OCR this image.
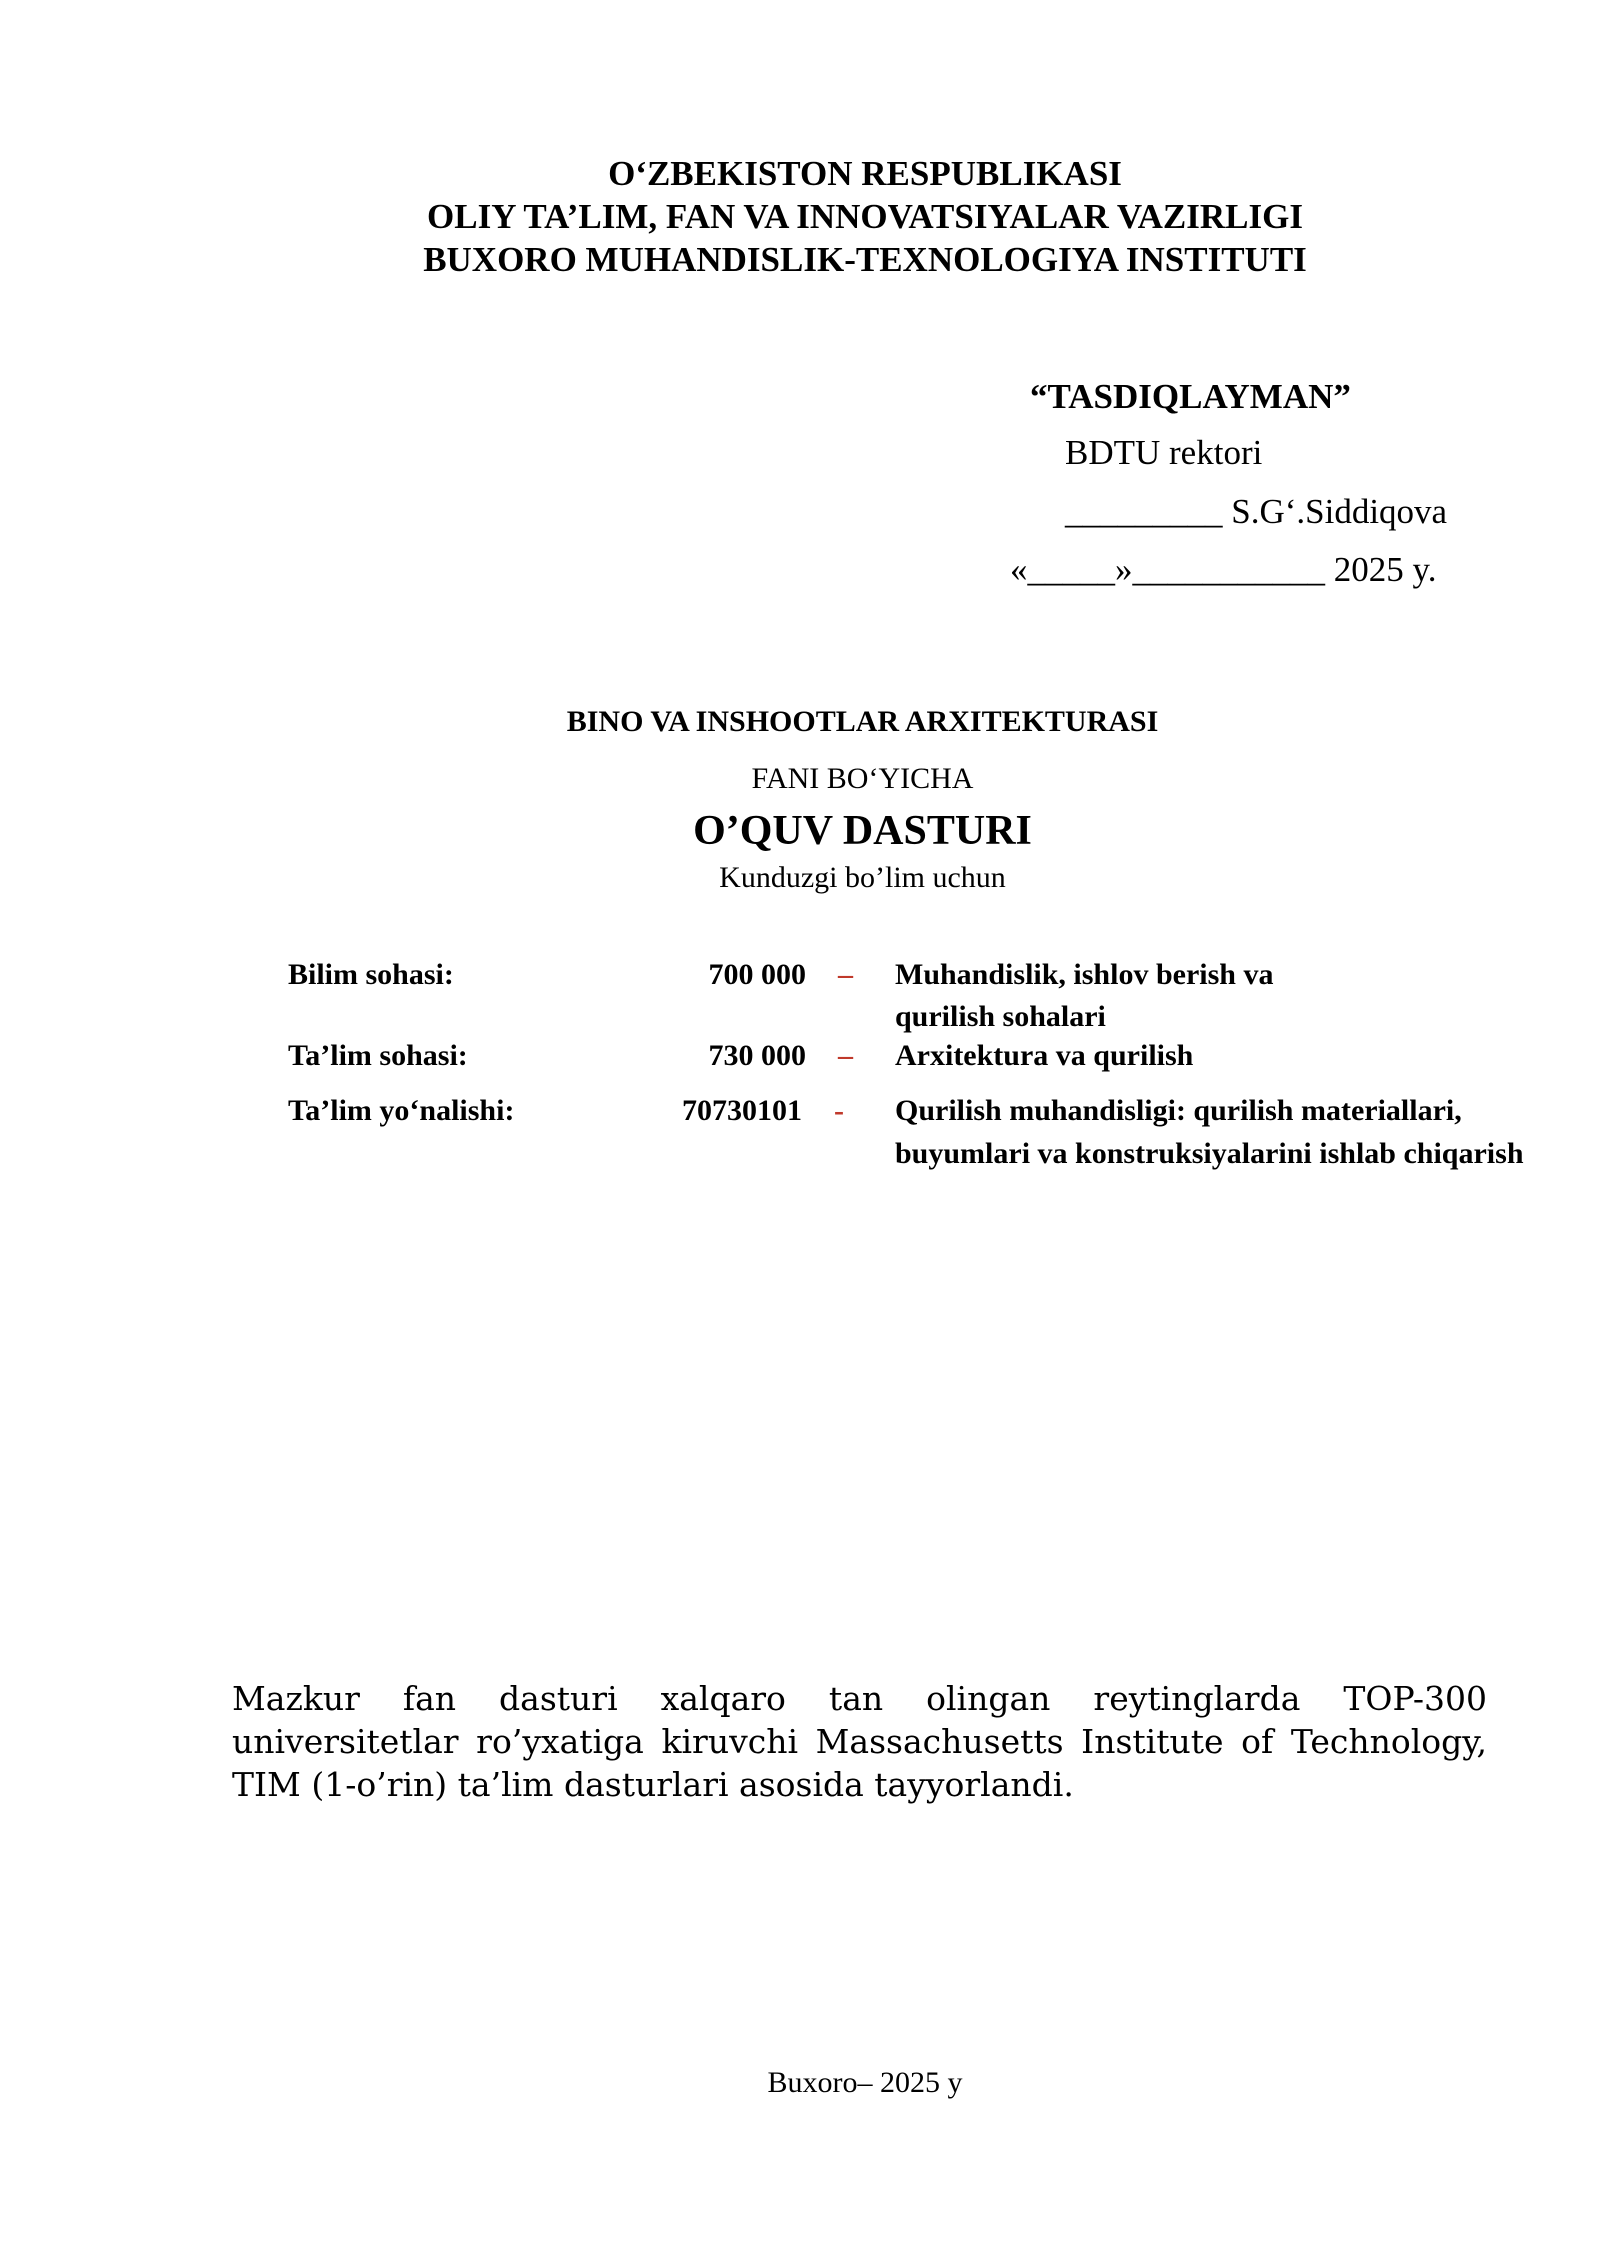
O‘ZBEKISTON RESPUBLIKASI
OLIY TA’LIM, FAN VA INNOVATSIYALAR VAZIRLIGI
BUXORO MUHANDISLIK-TEXNOLOGIYA INSTITUTI
“TASDIQLAYMAN”
BDTU rektori
_________ S.G‘.Siddiqova
«_____»___________ 2025 y.
BINO VA INSHOOTLAR ARXITEKTURASI
FANI BO‘YICHA
O’QUV DASTURI
Kunduzgi bo’lim uchun
Bilim sohasi:	700 000 – Muhandislik, ishlov berish va
qurilish sohalari
Ta’lim sohasi:	730 000 – Arxitektura va qurilish
Ta’lim yo‘nalishi:	70730101 - Qurilish muhandisligi: qurilish materiallari,
buyumlari va konstruksiyalarini ishlab chiqarish

Mazkur fan dasturi xalqaro tan olingan reytinglarda TOP-300 universitetlar ro’yxatiga kiruvchi Massachusetts Institute of Technology, TIM (1-o’rin) ta’lim dasturlari asosida tayyorlandi.

Buxoro– 2025 y
